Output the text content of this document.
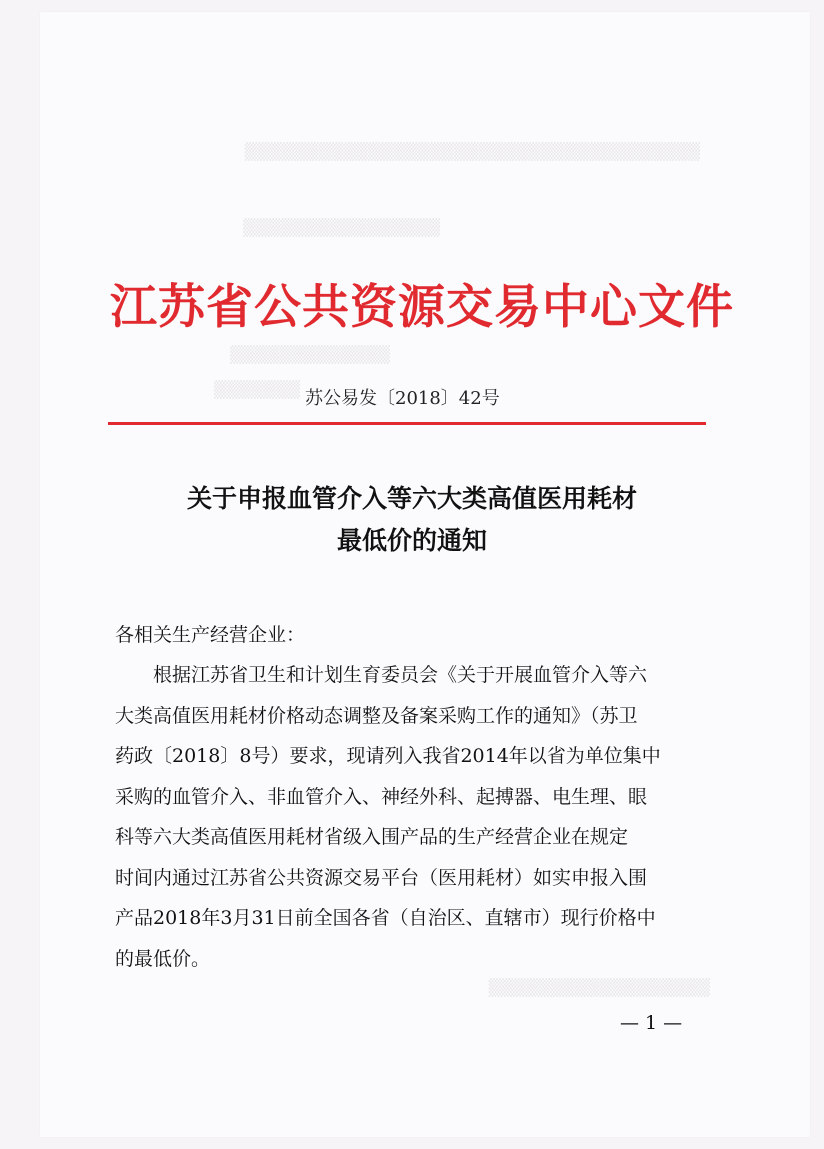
▒▒▒▒▒▒▒▒▒▒▒▒▒▒▒▒▒▒▒▒▒▒▒▒▒▒▒▒▒▒▒▒▒▒▒▒▒
▒▒▒▒▒▒▒▒▒▒▒▒▒▒▒▒
▒▒▒▒▒▒▒▒▒▒▒▒▒
▒▒▒▒▒▒▒
▒▒▒▒▒▒▒▒▒▒▒▒▒▒▒▒▒▒
江苏省公共资源交易中心文件
苏公易发〔2018〕42号
关于申报血管介入等六大类高值医用耗材
最低价的通知
各相关生产经营企业：
根据江苏省卫生和计划生育委员会《关于开展血管介入等六
大类高值医用耗材价格动态调整及备案采购工作的通知》（苏卫
药政〔2018〕8号）要求，现请列入我省2014年以省为单位集中
采购的血管介入、非血管介入、神经外科、起搏器、电生理、眼
科等六大类高值医用耗材省级入围产品的生产经营企业在规定
时间内通过江苏省公共资源交易平台（医用耗材）如实申报入围
产品2018年3月31日前全国各省（自治区、直辖市）现行价格中
的最低价。
— 1 —
